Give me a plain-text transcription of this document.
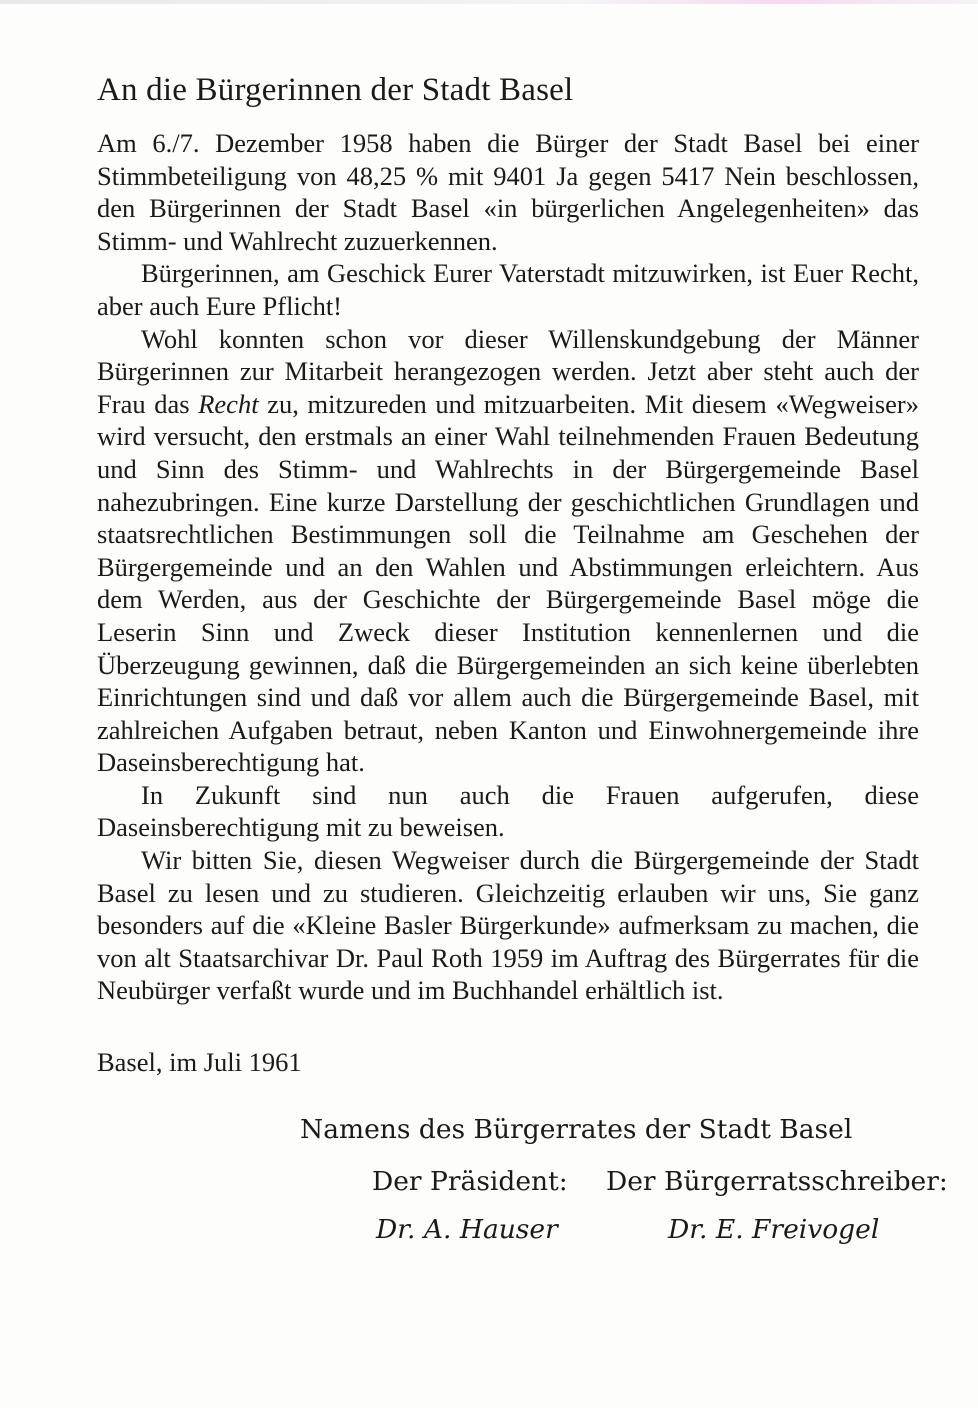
An die Bürgerinnen der Stadt Basel

Am 6./7. Dezember 1958 haben die Bürger der Stadt Basel bei einer Stimmbeteiligung von 48,25 % mit 9401 Ja gegen 5417 Nein beschlossen, den Bürgerinnen der Stadt Basel «in bürgerlichen Angelegenheiten» das Stimm- und Wahlrecht zuzuerkennen.

Bürgerinnen, am Geschick Eurer Vaterstadt mitzuwirken, ist Euer Recht, aber auch Eure Pflicht!

Wohl konnten schon vor dieser Willenskundgebung der Männer Bürgerinnen zur Mitarbeit herangezogen werden. Jetzt aber steht auch der Frau das Recht zu, mitzureden und mitzuarbeiten. Mit diesem «Wegweiser» wird versucht, den erstmals an einer Wahl teilnehmenden Frauen Bedeutung und Sinn des Stimm- und Wahlrechts in der Bürgergemeinde Basel nahezubringen. Eine kurze Darstellung der geschichtlichen Grundlagen und staatsrechtlichen Bestimmungen soll die Teilnahme am Geschehen der Bürgergemeinde und an den Wahlen und Abstimmungen erleichtern. Aus dem Werden, aus der Geschichte der Bürgergemeinde Basel möge die Leserin Sinn und Zweck dieser Institution kennenlernen und die Überzeugung gewinnen, daß die Bürgergemeinden an sich keine überlebten Einrichtungen sind und daß vor allem auch die Bürgergemeinde Basel, mit zahlreichen Aufgaben betraut, neben Kanton und Einwohnergemeinde ihre Daseinsberechtigung hat.

In Zukunft sind nun auch die Frauen aufgerufen, diese Daseinsberechtigung mit zu beweisen.

Wir bitten Sie, diesen Wegweiser durch die Bürgergemeinde der Stadt Basel zu lesen und zu studieren. Gleichzeitig erlauben wir uns, Sie ganz besonders auf die «Kleine Basler Bürgerkunde» aufmerksam zu machen, die von alt Staatsarchivar Dr. Paul Roth 1959 im Auftrag des Bürgerrates für die Neubürger verfaßt wurde und im Buchhandel erhältlich ist.

Basel, im Juli 1961
Namens des Bürgerrates der Stadt Basel
Der Präsident: Der Bürgerratsschreiber:
Dr. A. Hauser	Dr. E. Freivogel
